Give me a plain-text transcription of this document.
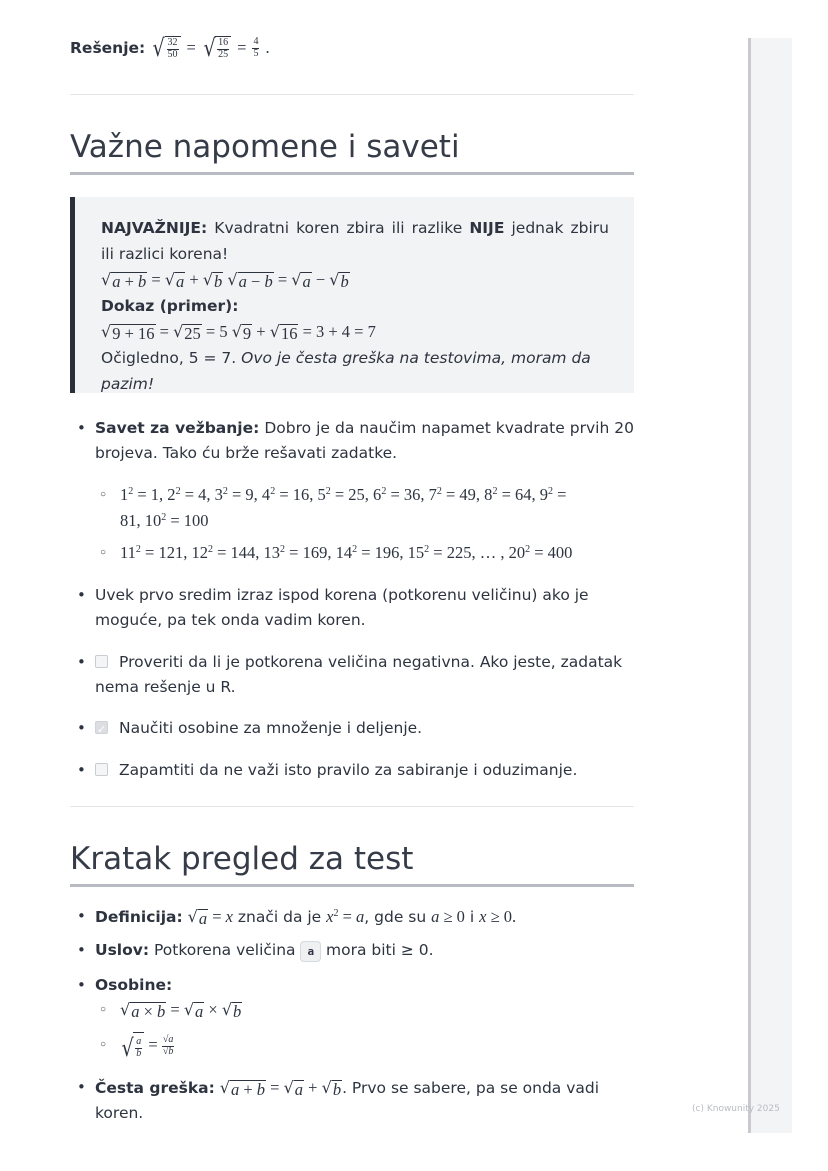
Rešenje: √ $\frac{32}{50}$ = √ $\frac{16}{25} = \frac{4}{5}$ .
Važne napomene i saveti

NAJVAŽNIJE: Kvadratni koren zbira ili razlike NIJE jednak zbiru ili razlici korena!

√ a + b = √ a + √ b
√ a − b = √ a − √ b

Dokaz (primer):

√ 9 + 16 = √ 25 = 5 √ 9 + √ 16 = 3 + 4 = 7

Očigledno, 5 = 7. Ovo je česta greška na testovima, moram da pazim!

• Savet za vežbanje: Dobro je da naučim napamet kvadrate prvih 20 brojeva. Tako ću brže rešavati zadatke.
○ $1^2 = 1$, $2^2 = 4$, $3^2 = 9$, $4^2 = 16$, $5^2 = 25$, $6^2 = 36$, $7^2 = 49$, $8^2 = 64$, $9^2$ =
81, $10^2 = 100$
○ $11^2 = 121$, $12^2 = 144$, $13^2 = 169$, $14^2 = 196$, $15^2 = 225$, … , $20^2 = 400$
• Uvek prvo sredim izraz ispod korena (potkorenu veličinu) ako je moguće, pa tek onda vadim koren.
• Proveriti da li je potkorena veličina negativna. Ako jeste, zadatak nema rešenje u R.
✓• Naučiti osobine za množenje i deljenje.
• Zapamtiti da ne važi isto pravilo za sabiranje i oduzimanje.
Kratak pregled za test
• Definicija: √ a = x znači da je $x^2 = a$, gde su a ≥ 0 i x ≥ 0.
• Uslov: Potkorena veličina a mora biti ≥ 0.
• Osobine:
○ √ a × b = √ a × √ b
○ √ $\frac{a}{b} = \frac{√a}{√b}$
• Česta greška: √ a + b = √ a + √ b . Prvo se sabere, pa se onda vadi koren.	(c) Knowunity 2025
